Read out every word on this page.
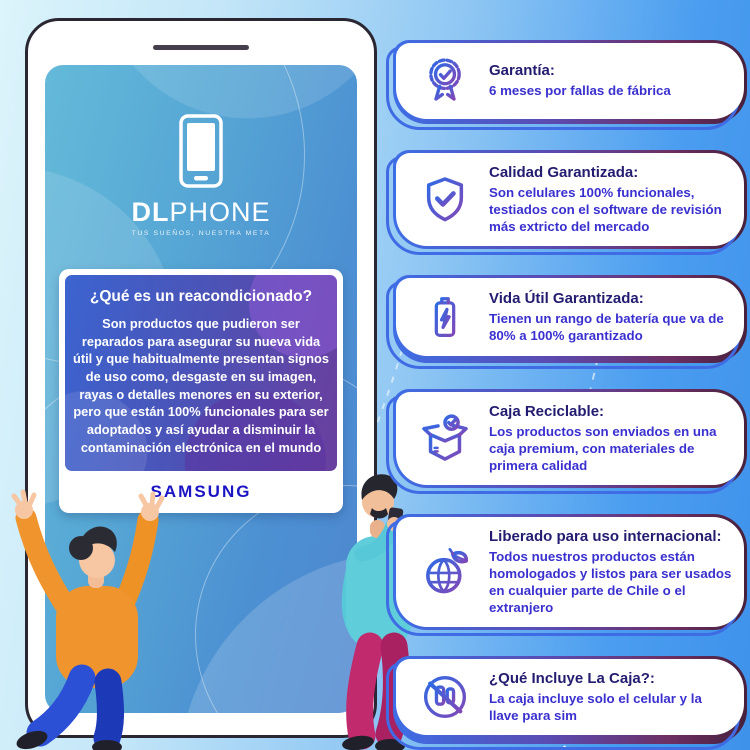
DLPHONE
TUS SUEÑOS, NUESTRA META
¿Qué es un reacondicionado?
Son productos que pudieron ser reparados para asegurar su nueva vida útil y que habitualmente presentan signos de uso como, desgaste en su imagen, rayas o detalles menores en su exterior, pero que están 100% funcionales para ser adoptados y así ayudar a disminuir la contaminación electrónica en el mundo
SAMSUNG
Garantía:
6 meses por fallas de fábrica
Calidad Garantizada:
Son celulares 100% funcionales, testiados con el software de revisión más extricto del mercado
Vida Útil Garantizada:
Tienen un rango de batería que va de 80% a 100% garantizado
Caja Reciclable:
Los productos son enviados en una caja premium, con materiales de primera calidad
Liberado para uso internacional:
Todos nuestros productos están homologados y listos para ser usados en cualquier parte de Chile o el extranjero
¿Qué Incluye La Caja?:
La caja incluye solo el celular y la llave para sim
